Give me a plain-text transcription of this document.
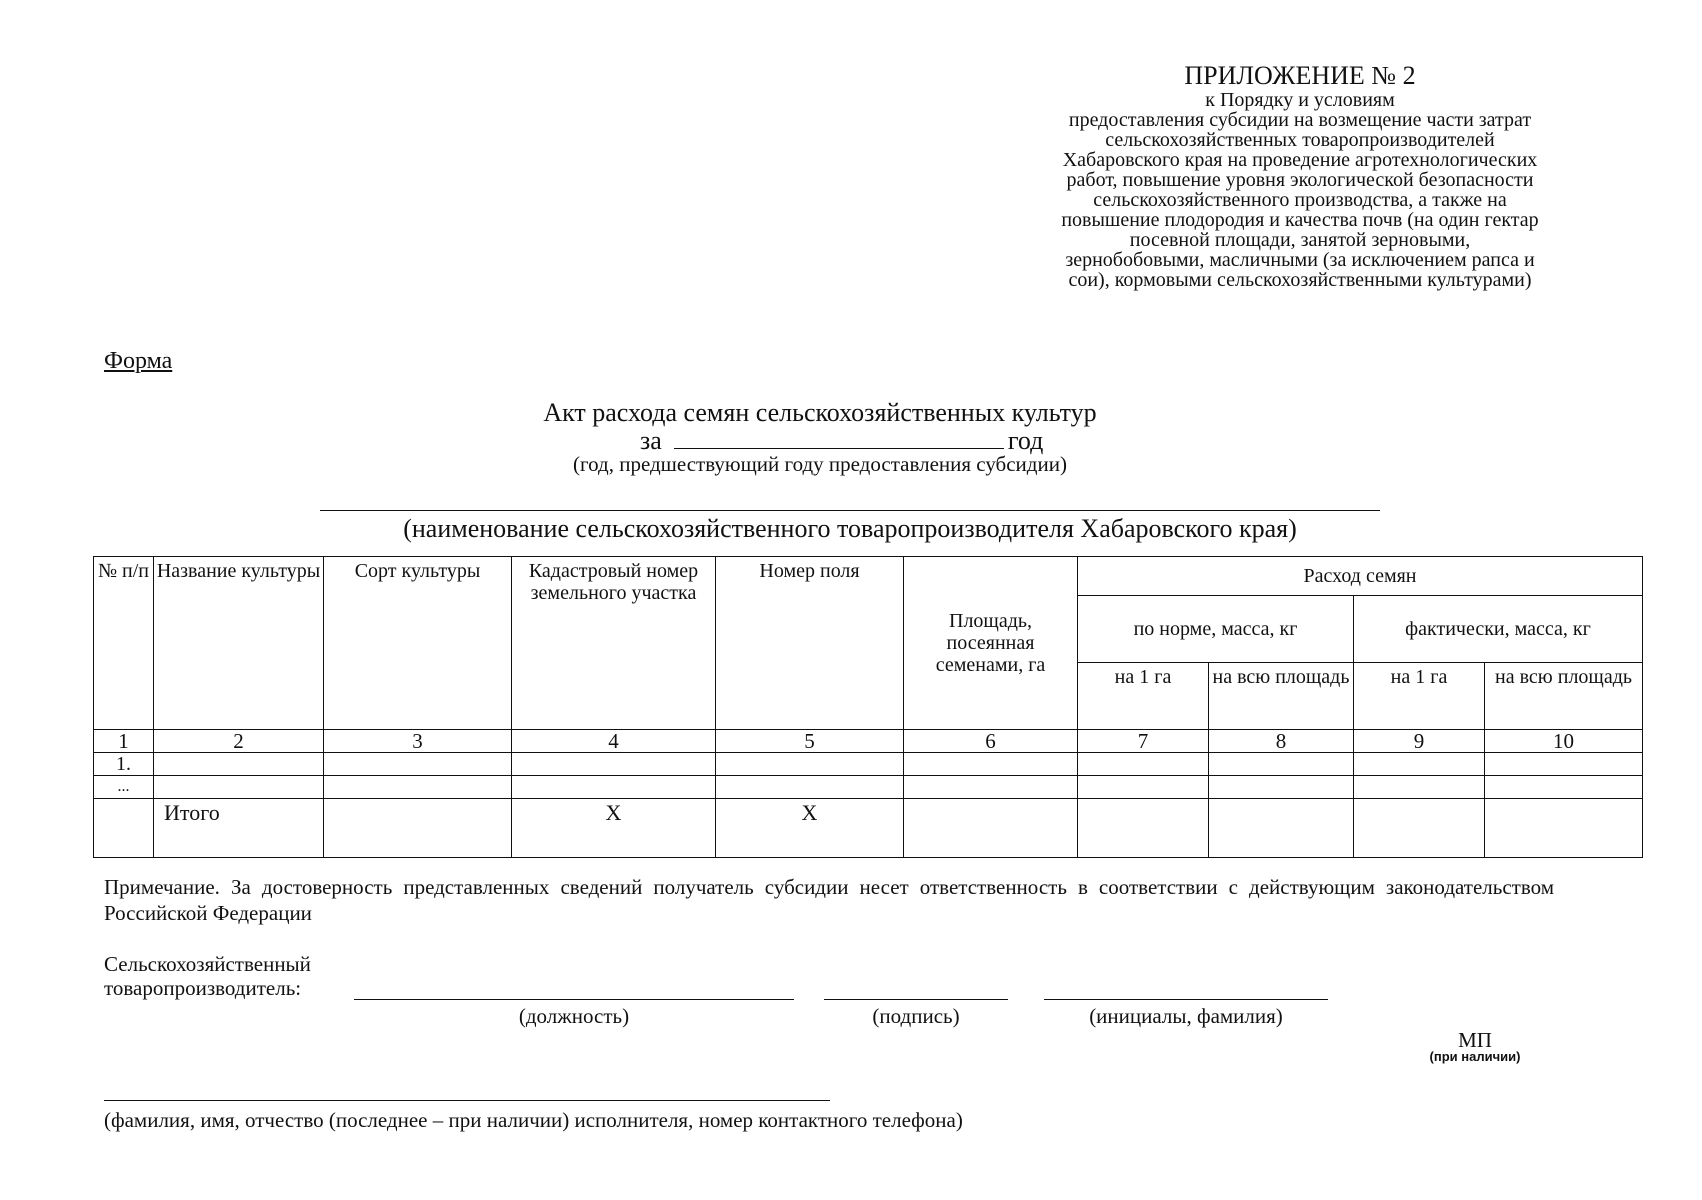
ПРИЛОЖЕНИЕ № 2
к Порядку и условиям
предоставления субсидии на возмещение части затрат
сельскохозяйственных товаропроизводителей
Хабаровского края на проведение агротехнологических
работ, повышение уровня экологической безопасности
сельскохозяйственного производства, а также на
повышение плодородия и качества почв (на один гектар
посевной площади, занятой зерновыми,
зернобобовыми, масличными (за исключением рапса и
сои), кормовыми сельскохозяйственными культурами)
Форма
Акт расхода семян сельскохозяйственных культур
за	год
(год, предшествующий году предоставления субсидии)
(наименование сельскохозяйственного товаропроизводителя Хабаровского края)
№ п/п	Название культуры	Сорт культуры	Кадастровый номер земельного участка	Номер поля	Площадь, посеянная семенами, га	Расход семян			
						по норме, масса, кг		фактически, масса, кг	
						на 1 га	на всю площадь	на 1 га	на всю площадь
1	2	3	4	5	6	7	8	9	10
1.									
...									
	Итого		X	X					
Примечание. За достоверность представленных сведений получатель субсидии несет ответственность в соответствии с действующим законодательством Российской Федерации
Сельскохозяйственный
товаропроизводитель:
(должность)	(подпись)	(инициалы, фамилия)
МП
(при наличии)
(фамилия, имя, отчество (последнее – при наличии) исполнителя, номер контактного телефона)
